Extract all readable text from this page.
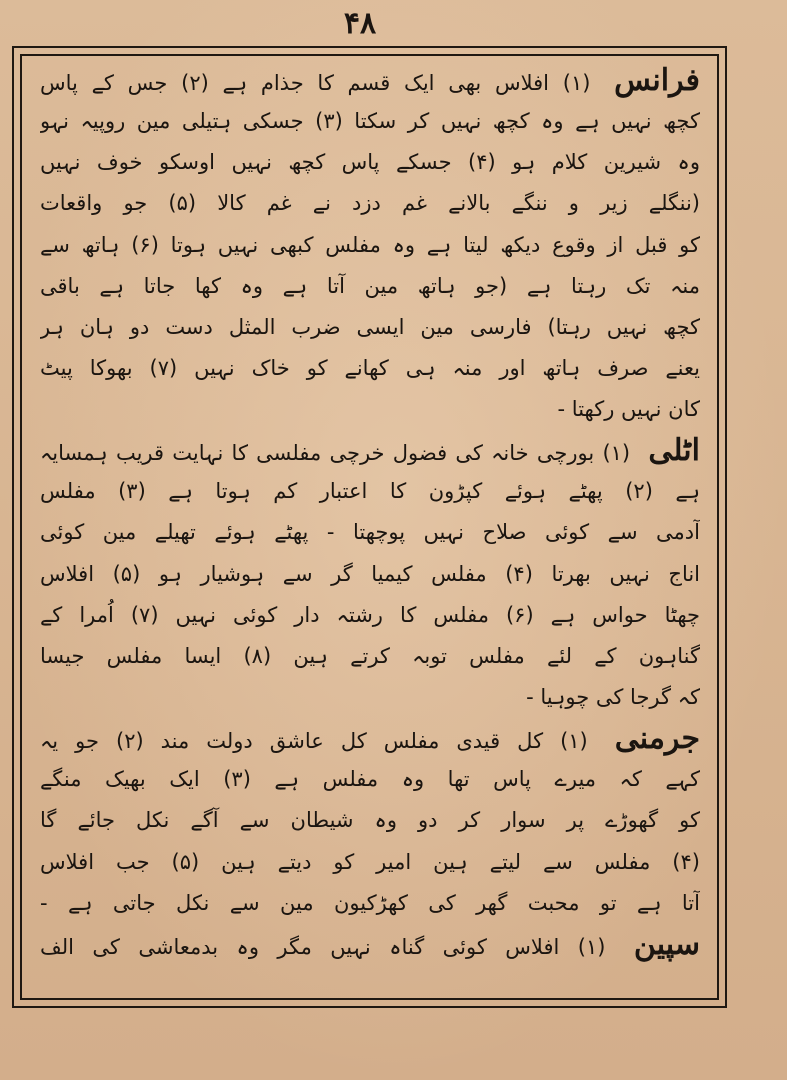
۴۸
فرانس (۱) افلاس بھی ایک قسم کا جذام ہے (۲) جس کے پاس
کچھ نہیں ہے وہ کچھ نہیں کر سکتا (۳) جسکی ہتیلی مین روپیہ نہو
وہ شیرین کلام ہو (۴) جسکے پاس کچھ نہیں اوسکو خوف نہیں
(ننگلے زیر و ننگے بالانے غم دزد نے غم کالا (۵) جو واقعات
کو قبل از وقوع دیکھ لیتا ہے وہ مفلس کبھی نہیں ہوتا (۶) ہاتھ سے
منہ تک رہتا ہے (جو ہاتھ مین آتا ہے وہ کھا جاتا ہے باقی
کچھ نہیں رہتا) فارسی مین ایسی ضرب المثل دست دو ہان ہر
یعنے صرف ہاتھ اور منہ ہی کھانے کو خاک نہیں (۷) بھوکا پیٹ
کان نہیں رکھتا -
اٹلی (۱) بورچی خانہ کی فضول خرچی مفلسی کا نہایت قریب ہمسایہ
ہے (۲) پھٹے ہوئے کپڑون کا اعتبار کم ہوتا ہے (۳) مفلس
آدمی سے کوئی صلاح نہیں پوچھتا - پھٹے ہوئے تھیلے مین کوئی
اناج نہیں بھرتا (۴) مفلس کیمیا گر سے ہوشیار ہو (۵) افلاس
چھٹا حواس ہے (۶) مفلس کا رشتہ دار کوئی نہیں (۷) اُمرا کے
گناہون کے لئے مفلس توبہ کرتے ہین (۸) ایسا مفلس جیسا
کہ گرجا کی چوہیا -
جرمنی (۱) کل قیدی مفلس کل عاشق دولت مند (۲) جو یہ
کہے کہ میرے پاس تھا وہ مفلس ہے (۳) ایک بھیک منگے
کو گھوڑے پر سوار کر دو وہ شیطان سے آگے نکل جائے گا
(۴) مفلس سے لیتے ہین امیر کو دیتے ہین (۵) جب افلاس
آتا ہے تو محبت گھر کی کھڑکیون مین سے نکل جاتی ہے -
سپین (۱) افلاس کوئی گناہ نہیں مگر وہ بدمعاشی کی الف
